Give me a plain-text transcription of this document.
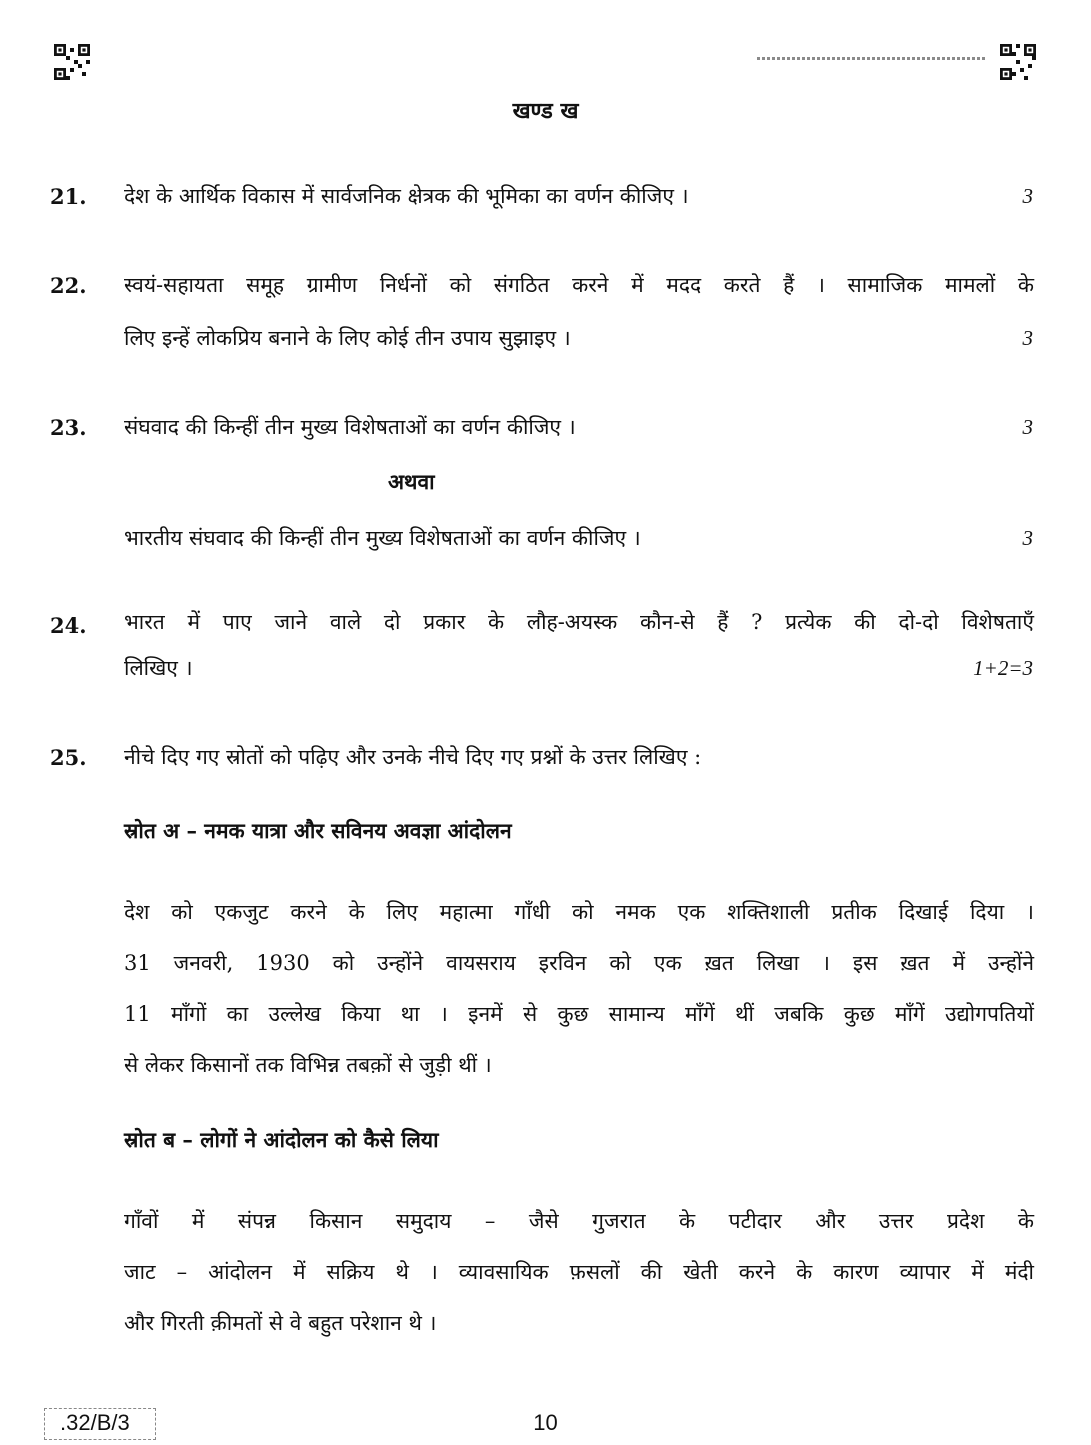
खण्ड ख
21. देश के आर्थिक विकास में सार्वजनिक क्षेत्रक की भूमिका का वर्णन कीजिए ।	3
22. स्वयं-सहायता समूह ग्रामीण निर्धनों को संगठित करने में मदद करते हैं । सामाजिक मामलों के
लिए इन्हें लोकप्रिय बनाने के लिए कोई तीन उपाय सुझाइए ।	3
23. संघवाद की किन्हीं तीन मुख्य विशेषताओं का वर्णन कीजिए ।	3
अथवा
भारतीय संघवाद की किन्हीं तीन मुख्य विशेषताओं का वर्णन कीजिए ।	3
24. भारत में पाए जाने वाले दो प्रकार के लौह-अयस्क कौन-से हैं ? प्रत्येक की दो-दो विशेषताएँ
लिखिए ।	1+2=3
25. नीचे दिए गए स्रोतों को पढ़िए और उनके नीचे दिए गए प्रश्नों के उत्तर लिखिए :
स्रोत अ – नमक यात्रा और सविनय अवज्ञा आंदोलन
देश को एकजुट करने के लिए महात्मा गाँधी को नमक एक शक्तिशाली प्रतीक दिखाई दिया ।
31 जनवरी, 1930 को उन्होंने वायसराय इरविन को एक ख़त लिखा । इस ख़त में उन्होंने
11 माँगों का उल्लेख किया था । इनमें से कुछ सामान्य माँगें थीं जबकि कुछ माँगें उद्योगपतियों
से लेकर किसानों तक विभिन्न तबक़ों से जुड़ी थीं ।
स्रोत ब – लोगों ने आंदोलन को कैसे लिया
गाँवों में संपन्न किसान समुदाय – जैसे गुजरात के पटीदार और उत्तर प्रदेश के
जाट – आंदोलन में सक्रिय थे । व्यावसायिक फ़सलों की खेती करने के कारण व्यापार में मंदी
और गिरती क़ीमतों से वे बहुत परेशान थे ।
.32/B/3	10
